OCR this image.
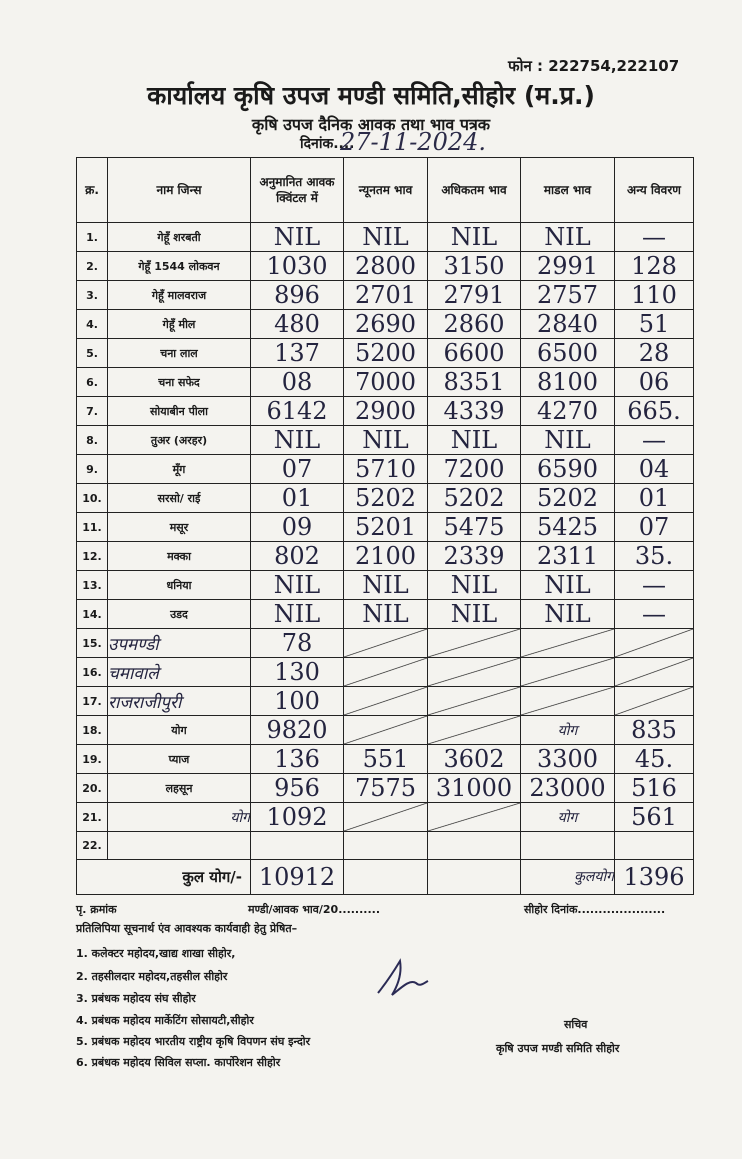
फोन : 222754,222107
कार्यालय कृषि उपज मण्डी समिति,सीहोर (म.प्र.)
कृषि उपज दैनिक आवक तथा भाव पत्रक
दिनांक....
27-11-2024.
क्र.	नाम जिन्स	अनुमानित आवक क्विंटल में	न्यूनतम भाव	अधिकतम भाव	माडल भाव	अन्य विवरण
1.	गेहूँ शरबती	NIL	NIL	NIL	NIL	—
2.	गेहूँ 1544 लोकवन	1030	2800	3150	2991	128
3.	गेहूँ मालवराज	896	2701	2791	2757	110
4.	गेहूँ मील	480	2690	2860	2840	51
5.	चना लाल	137	5200	6600	6500	28
6.	चना सफेद	08	7000	8351	8100	06
7.	सोयाबीन पीला	6142	2900	4339	4270	665.
8.	तुअर (अरहर)	NIL	NIL	NIL	NIL	—
9.	मूँग	07	5710	7200	6590	04
10.	सरसो/ राई	01	5202	5202	5202	01
11.	मसूर	09	5201	5475	5425	07
12.	मक्का	802	2100	2339	2311	35.
13.	धनिया	NIL	NIL	NIL	NIL	—
14.	उडद	NIL	NIL	NIL	NIL	—
15.	उपमण्डी	78				
16.	चमावाले	130				
17.	राजराजीपुरी	100				
18.	योग	9820			योग	835
19.	प्याज	136	551	3602	3300	45.
20.	लहसून	956	7575	31000	23000	516
21.	योग	1092			योग	561
22.						
कुल योग/-		10912			कुलयोग	1396
पृ. क्रमांक	मण्डी/आवक भाव/20..........	सीहोर दिनांक.....................
प्रतिलिपिया सूचनार्थ एंव आवश्यक कार्यवाही हेतु प्रेषित–
1. कलेक्टर महोदय,खाद्य शाखा सीहोर,
2. तहसीलदार महोदय,तहसील सीहोर
3. प्रबंधक महोदय संघ सीहोर
4. प्रबंधक महोदय मार्केटिंग सोसायटी,सीहोर
5. प्रबंधक महोदय भारतीय राष्ट्रीय कृषि विपणन संघ इन्दोर
6. प्रबंधक महोदय सिविल सप्ला. कार्पोरेशन सीहोर
सचिव
कृषि उपज मण्डी समिति सीहोर
